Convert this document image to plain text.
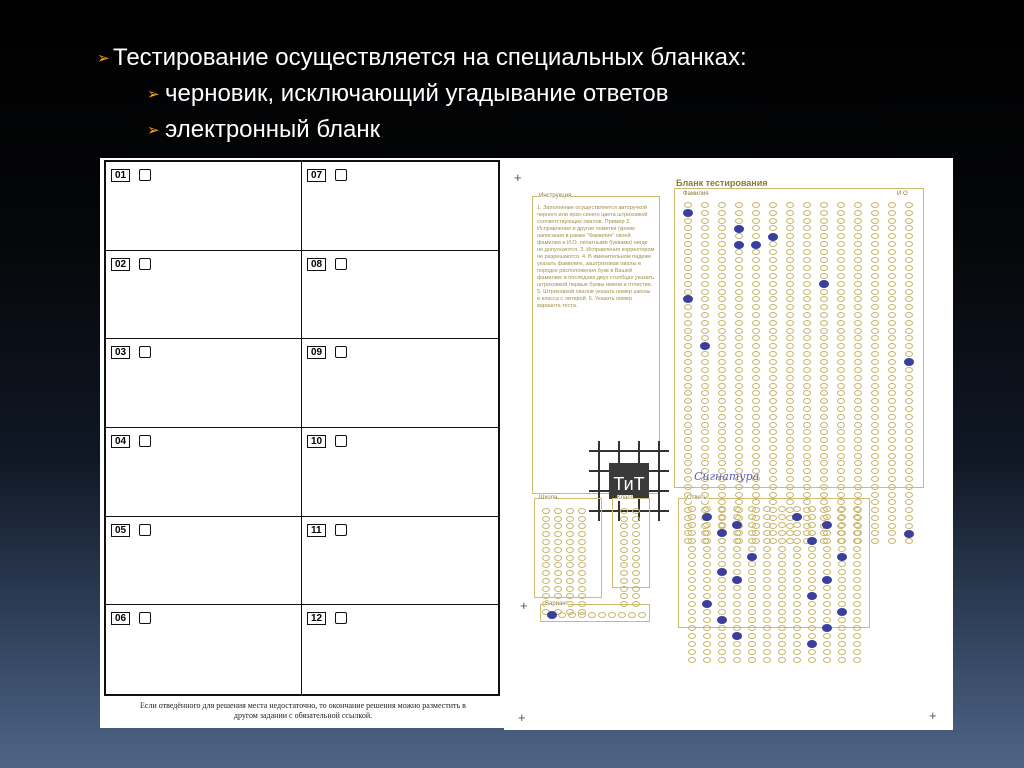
➢ Тестирование осуществляется на специальных бланках:
➢ черновик, исключающий угадывание ответов
➢ электронный бланк
01	07
02	08
03	09
04	10
05	11
06	12
Если отведённого для решения места недостаточно, то окончание решения можно разместить в
другом задании с обязательной ссылкой.
+
+
+	+
Бланк тестирования
Инструкция
1. Заполнение осуществляется авторучкой черного или ярко-синего цвета штриховкой соответствующих овалов. Пример 2. Исправления и другие пометки (кроме написания в рамке "Фамилия" своей фамилии и И.О. печатными буквами) нигде не допускаются. 3. Исправления корректором не разрешаются. 4. В именительном падеже указать фамилию, заштриховав овалы в порядке расположения букв в Вашей фамилии; в последних двух столбцах указать штриховкой первые буквы имени и отчества. 5. Штриховкой овалов указать номер школы и класса с литерой. 6. Указать номер варианта теста.
ТиТ
Фамилия	И О
Сигнатура
Школа	Класс
Вариант
Ответы
